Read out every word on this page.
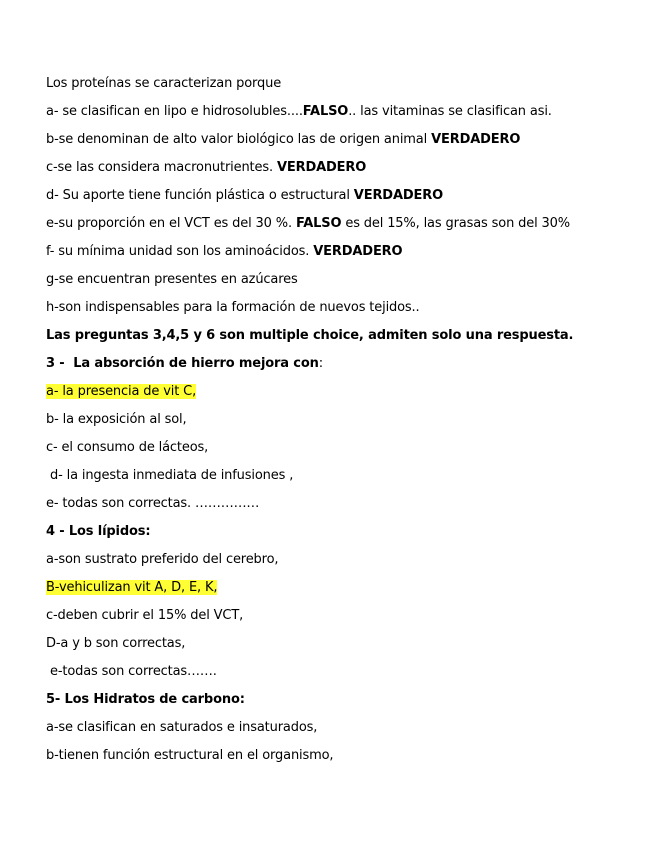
Los proteínas se caracterizan porque
a- se clasifican en lipo e hidrosolubles....FALSO.. las vitaminas se clasifican asi.
b-se denominan de alto valor biológico las de origen animal VERDADERO
c-se las considera macronutrientes. VERDADERO
d- Su aporte tiene función plástica o estructural VERDADERO
e-su proporción en el VCT es del 30 %. FALSO es del 15%, las grasas son del 30%
f- su mínima unidad son los aminoácidos. VERDADERO
g-se encuentran presentes en azúcares
h-son indispensables para la formación de nuevos tejidos..
Las preguntas 3,4,5 y 6 son multiple choice, admiten solo una respuesta.
3 -  La absorción de hierro mejora con:
a- la presencia de vit C,
b- la exposición al sol,
c- el consumo de lácteos,
d- la ingesta inmediata de infusiones ,
e- todas son correctas. ……………
4 - Los lípidos:
a-son sustrato preferido del cerebro,
B-vehiculizan vit A, D, E, K,
c-deben cubrir el 15% del VCT,
D-a y b son correctas,
e-todas son correctas…….
5- Los Hidratos de carbono:
a-se clasifican en saturados e insaturados,
b-tienen función estructural en el organismo,
